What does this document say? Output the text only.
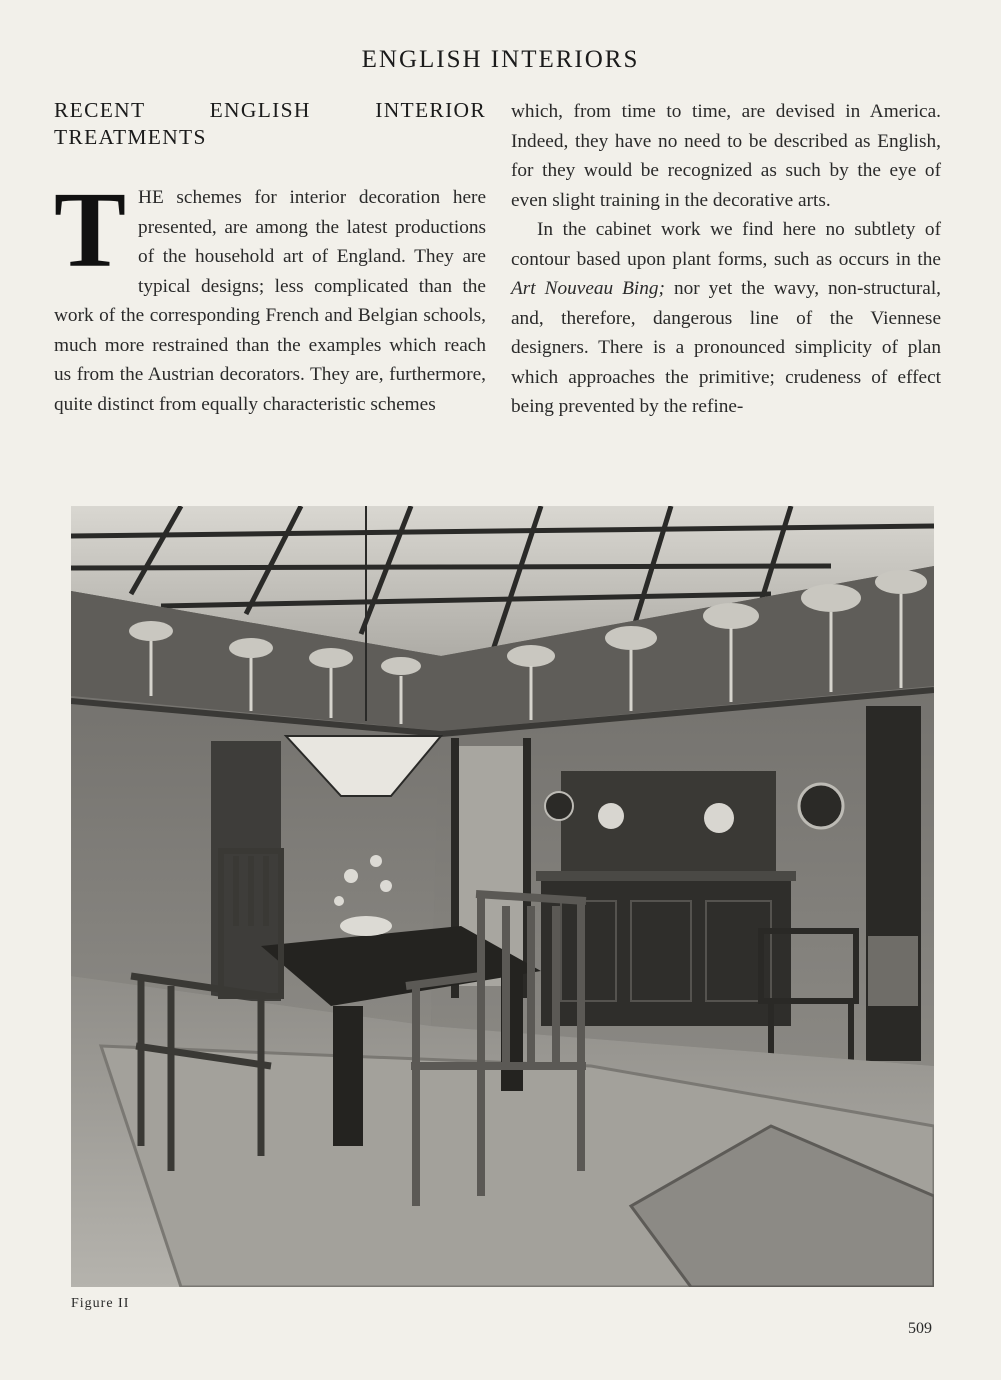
ENGLISH INTERIORS
RECENT ENGLISH INTERIOR
TREATMENTS

THE schemes for interior decoration here presented, are among the latest productions of the household art of England. They are typical designs; less complicated than the work of the corresponding French and Belgian schools, much more restrained than the examples which reach us from the Austrian decorators. They are, furthermore, quite distinct from equally characteristic schemes

which, from time to time, are devised in America. Indeed, they have no need to be described as English, for they would be recognized as such by the eye of even slight training in the decorative arts.

In the cabinet work we find here no subtlety of contour based upon plant forms, such as occurs in the Art Nouveau Bing; nor yet the wavy, non-structural, and, therefore, dangerous line of the Viennese designers. There is a pronounced simplicity of plan which approaches the primitive; crudeness of effect being prevented by the refine-

Figure II
509
